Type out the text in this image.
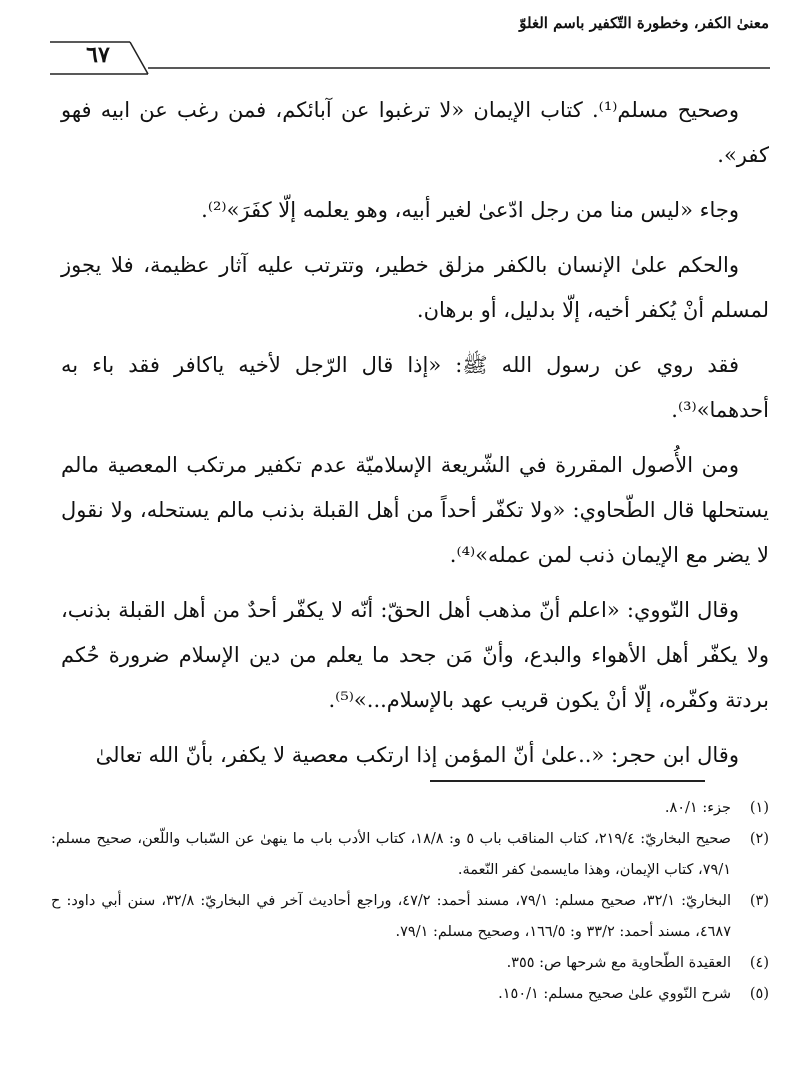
معنىٰ الكفر، وخطورة التّكفير باسم الغلوّ
٦٧

وصحيح مسلم⁽¹⁾. كتاب الإيمان «لا ترغبوا عن آبائكم، فمن رغب عن ابيه فهو كفر».

وجاء «ليس منا من رجل ادّعىٰ لغير أبيه، وهو يعلمه إلّا كفَرَ»⁽²⁾.

والحكم علىٰ الإنسان بالكفر مزلق خطير، وتترتب عليه آثار عظيمة، فلا يجوز لمسلم أنْ يُكفر أخيه، إلّا بدليل، أو برهان.

فقد روي عن رسول الله ﷺ: «إذا قال الرّجل لأخيه ياكافر فقد باء به أحدهما»⁽³⁾.

ومن الأُصول المقررة في الشّريعة الإسلاميّة عدم تكفير مرتكب المعصية مالم يستحلها قال الطّحاوي: «ولا تكفّر أحداً من أهل القبلة بذنب مالم يستحله، ولا نقول لا يضر مع الإيمان ذنب لمن عمله»⁽⁴⁾.

وقال النّووي: «اعلم أنّ مذهب أهل الحقّ: أنّه لا يكفّر أحدٌ من أهل القبلة بذنب، ولا يكفّر أهل الأهواء والبدع، وأنّ مَن جحد ما يعلم من دين الإسلام ضرورة حُكم بردتة وكفّره، إلّا أنْ يكون قريب عهد بالإسلام...»⁽⁵⁾.

وقال ابن حجر: «..علىٰ أنّ المؤمن إذا ارتكب معصية لا يكفر، بأنّ الله تعالىٰ

(١)
جزء: ٨٠/١.
(٢)
صحيح البخاريّ: ٢١٩/٤، كتاب المناقب باب ٥ و: ١٨/٨، كتاب الأدب باب ما ينهىٰ عن السّباب واللّعن، صحيح مسلم: ٧٩/١، كتاب الإيمان، وهذا مايسمىٰ كفر النّعمة.
(٣)
البخاريّ: ٣٢/١، صحيح مسلم: ٧٩/١، مسند أحمد: ٤٧/٢، وراجع أحاديث آخر في البخاريّ: ٣٢/٨، سنن أبي داود: ح ٤٦٨٧، مسند أحمد: ٣٣/٢ و: ١٦٦/٥، وصحيح مسلم: ٧٩/١.
(٤)
العقيدة الطّحاوية مع شرحها ص: ٣٥٥.
(٥)
شرح النّووي علىٰ صحيح مسلم: ١٥٠/١.
